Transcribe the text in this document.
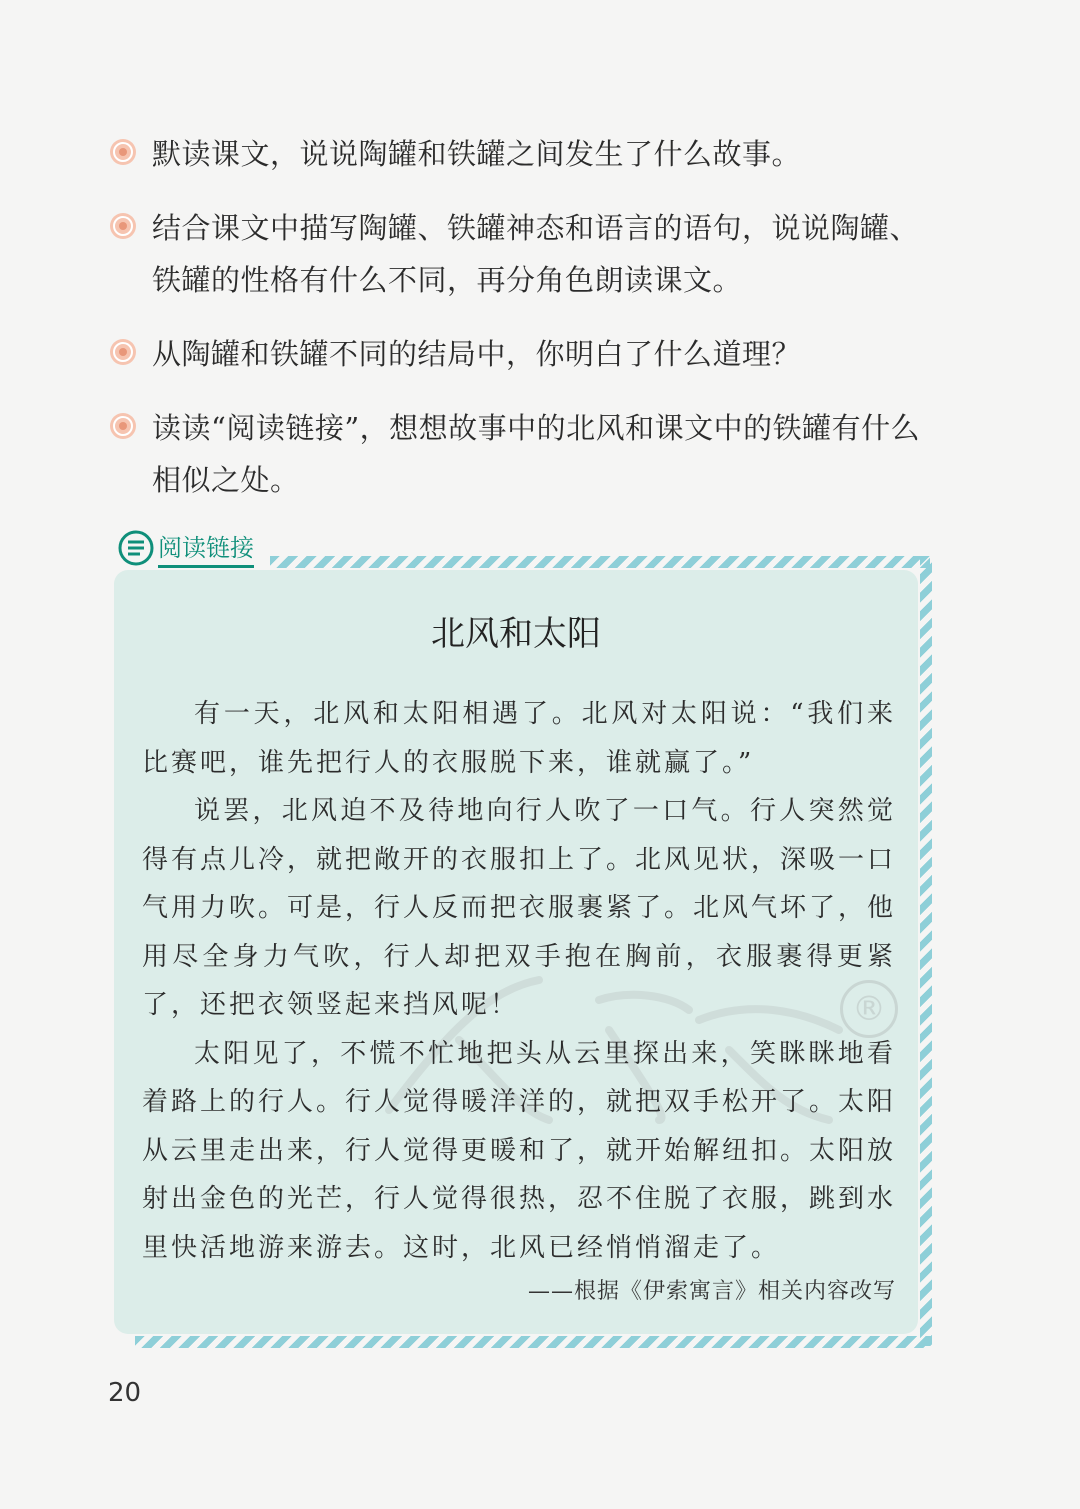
默读课文，说说陶罐和铁罐之间发生了什么故事。
结合课文中描写陶罐、铁罐神态和语言的语句，说说陶罐、铁罐的性格有什么不同，再分角色朗读课文。
从陶罐和铁罐不同的结局中，你明白了什么道理？
读读“阅读链接”，想想故事中的北风和课文中的铁罐有什么相似之处。
阅读链接
®
北风和太阳

有一天，北风和太阳相遇了。北风对太阳说：“我们来比赛吧，谁先把行人的衣服脱下来，谁就赢了。”

说罢，北风迫不及待地向行人吹了一口气。行人突然觉得有点儿冷，就把敞开的衣服扣上了。北风见状，深吸一口气用力吹。可是，行人反而把衣服裹紧了。北风气坏了，他用尽全身力气吹，行人却把双手抱在胸前，衣服裹得更紧了，还把衣领竖起来挡风呢！

太阳见了，不慌不忙地把头从云里探出来，笑眯眯地看着路上的行人。行人觉得暖洋洋的，就把双手松开了。太阳从云里走出来，行人觉得更暖和了，就开始解纽扣。太阳放射出金色的光芒，行人觉得很热，忍不住脱了衣服，跳到水里快活地游来游去。这时，北风已经悄悄溜走了。

——根据《伊索寓言》相关内容改写
20
